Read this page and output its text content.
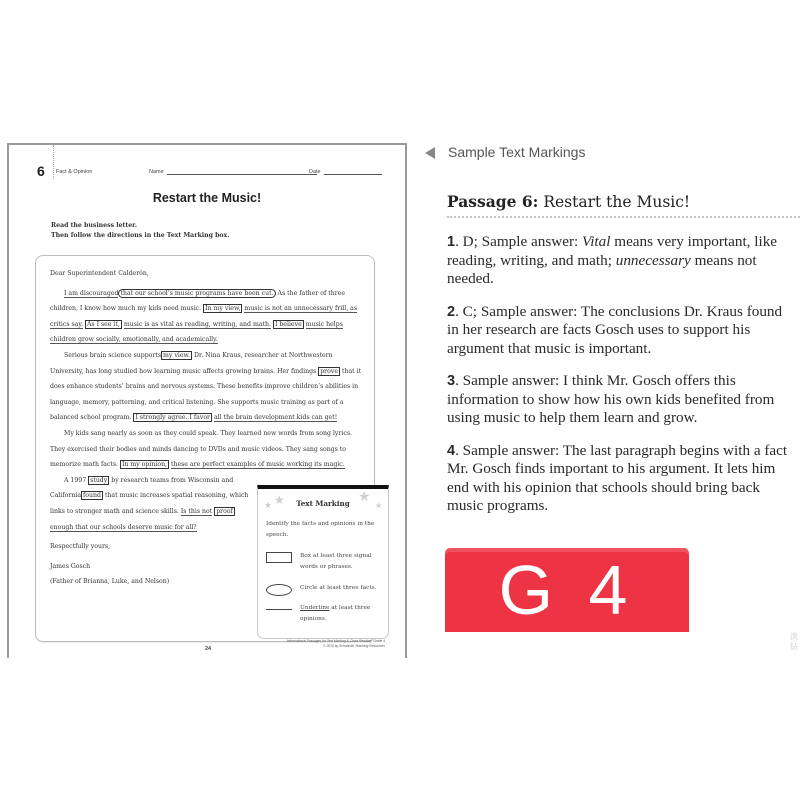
6 Fact & Opinion	Name	Date
Restart the Music!
Read the business letter.
Then follow the directions in the Text Marking box.

Dear Superintendent Calderón,

I am discouraged that our school’s music programs have been cut. As the father of three children, I know how much my kids need music. In my view, music is not an unnecessary frill, as critics say. As I see it, music is as vital as reading, writing, and math. I believe music helps children grow socially, emotionally, and academically.

Serious brain science supports my view. Dr. Nina Kraus, researcher at Northwestern University, has long studied how learning music affects growing brains. Her findings prove that it does enhance students’ brains and nervous systems. These benefits improve children’s abilities in language, memory, patterning, and critical listening. She supports music training as part of a balanced school program. I strongly agree. I favor all the brain development kids can get!

My kids sang nearly as soon as they could speak. They learned new words from song lyrics. They exercised their bodies and minds dancing to DVDs and music videos. They sang songs to memorize math facts. In my opinion, these are perfect examples of music working its magic.

A 1997 study by research teams from Wisconsin and California found that music increases spatial reasoning, which links to stronger math and science skills. Is this not proof enough that our schools deserve music for all?

Respectfully yours,

James Gosch

(Father of Brianna, Luke, and Nelson)

★ ★	★
★
Text Marking
Identify the facts and opinions in the speech.
Box at least three signal words or phrases.
Circle at least three facts.
Underline at least three opinions.
24
Informational Passages for Text Marking & Close Reading: Grade 4
© 2015 by Scholastic Teaching Resources
Sample Text Markings
Passage 6: Restart the Music!

1. D; Sample answer: Vital means very important, like reading, writing, and math; unnecessary means not needed.

2. C; Sample answer: The conclusions Dr. Kraus found in her research are facts Gosch uses to support his argument that music is important.

3. Sample answer: I think Mr. Gosch offers this information to show how his own kids benefited from using music to help them learn and grow.

4. Sample answer: The last paragraph begins with a fact Mr. Gosch finds important to his argument. It lets him end with his opinion that schools should bring back music programs.

G 4
淡 钻
